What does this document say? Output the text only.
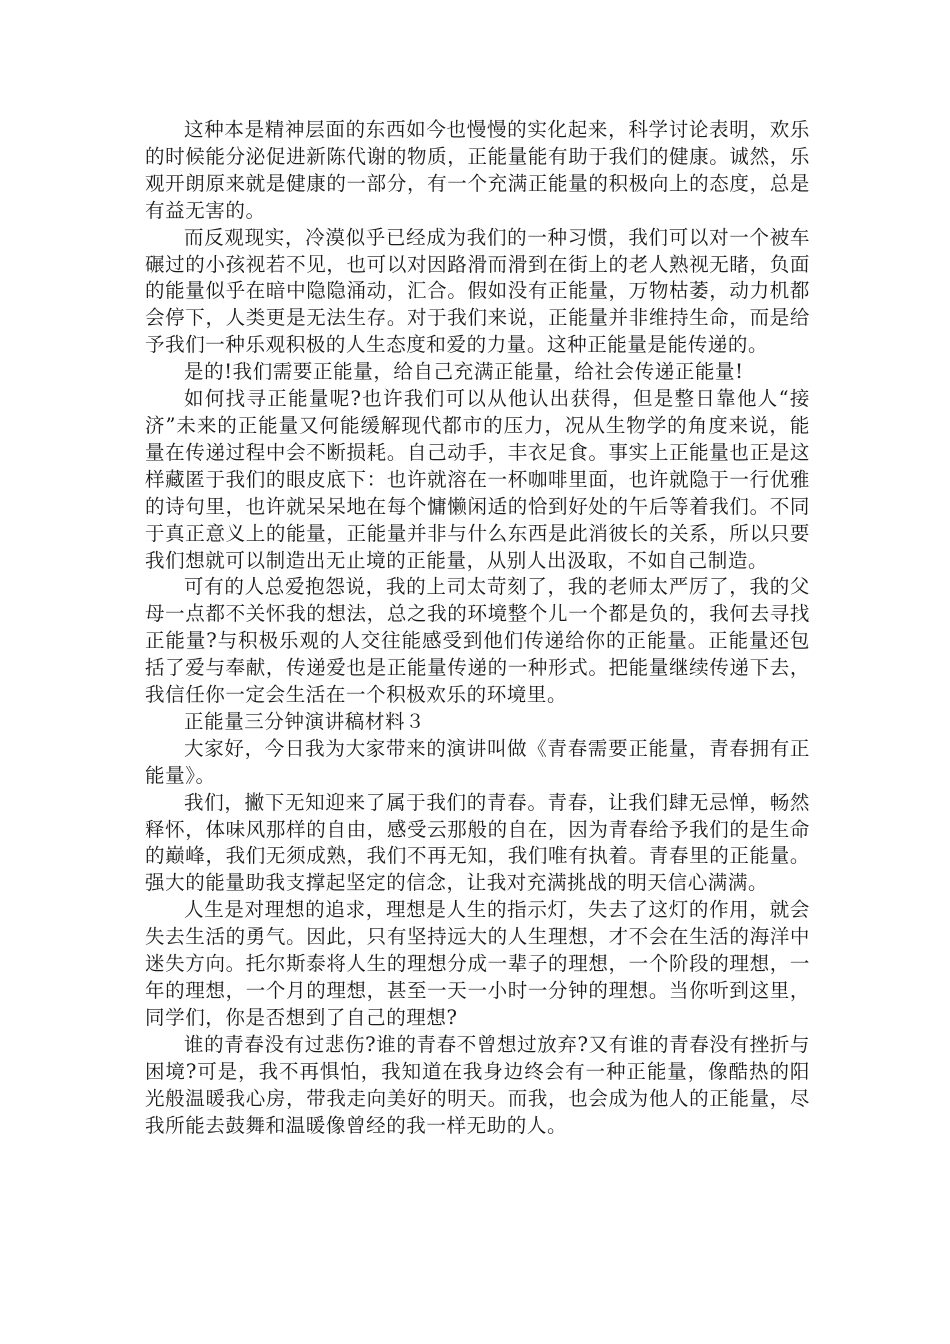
这种本是精神层面的东西如今也慢慢的实化起来，科学讨论表明，欢乐的时候能分泌促进新陈代谢的物质，正能量能有助于我们的健康。诚然，乐观开朗原来就是健康的一部分，有一个充满正能量的积极向上的态度，总是有益无害的。

而反观现实，冷漠似乎已经成为我们的一种习惯，我们可以对一个被车碾过的小孩视若不见，也可以对因路滑而滑到在街上的老人熟视无睹，负面的能量似乎在暗中隐隐涌动，汇合。假如没有正能量，万物枯萎，动力机都会停下，人类更是无法生存。对于我们来说，正能量并非维持生命，而是给予我们一种乐观积极的人生态度和爱的力量。这种正能量是能传递的。

是的!我们需要正能量，给自己充满正能量，给社会传递正能量!

如何找寻正能量呢?也许我们可以从他认出获得，但是整日靠他人“接济”未来的正能量又何能缓解现代都市的压力，况从生物学的角度来说，能量在传递过程中会不断损耗。自己动手，丰衣足食。事实上正能量也正是这样藏匿于我们的眼皮底下：也许就溶在一杯咖啡里面，也许就隐于一行优雅的诗句里，也许就呆呆地在每个慵懒闲适的恰到好处的午后等着我们。不同于真正意义上的能量，正能量并非与什么东西是此消彼长的关系，所以只要我们想就可以制造出无止境的正能量，从别人出汲取，不如自己制造。

可有的人总爱抱怨说，我的上司太苛刻了，我的老师太严厉了，我的父母一点都不关怀我的想法，总之我的环境整个儿一个都是负的，我何去寻找正能量?与积极乐观的人交往能感受到他们传递给你的正能量。正能量还包括了爱与奉献，传递爱也是正能量传递的一种形式。把能量继续传递下去，我信任你一定会生活在一个积极欢乐的环境里。

正能量三分钟演讲稿材料３

大家好，今日我为大家带来的演讲叫做《青春需要正能量，青春拥有正能量》。

我们，撇下无知迎来了属于我们的青春。青春，让我们肆无忌惮，畅然释怀，体味风那样的自由，感受云那般的自在，因为青春给予我们的是生命的巅峰，我们无须成熟，我们不再无知，我们唯有执着。青春里的正能量。强大的能量助我支撑起坚定的信念，让我对充满挑战的明天信心满满。

人生是对理想的追求，理想是人生的指示灯，失去了这灯的作用，就会失去生活的勇气。因此，只有坚持远大的人生理想，才不会在生活的海洋中迷失方向。托尔斯泰将人生的理想分成一辈子的理想，一个阶段的理想，一年的理想，一个月的理想，甚至一天一小时一分钟的理想。当你听到这里，同学们，你是否想到了自己的理想?

谁的青春没有过悲伤?谁的青春不曾想过放弃?又有谁的青春没有挫折与困境?可是，我不再惧怕，我知道在我身边终会有一种正能量，像酷热的阳光般温暖我心房，带我走向美好的明天。而我，也会成为他人的正能量，尽我所能去鼓舞和温暖像曾经的我一样无助的人。
